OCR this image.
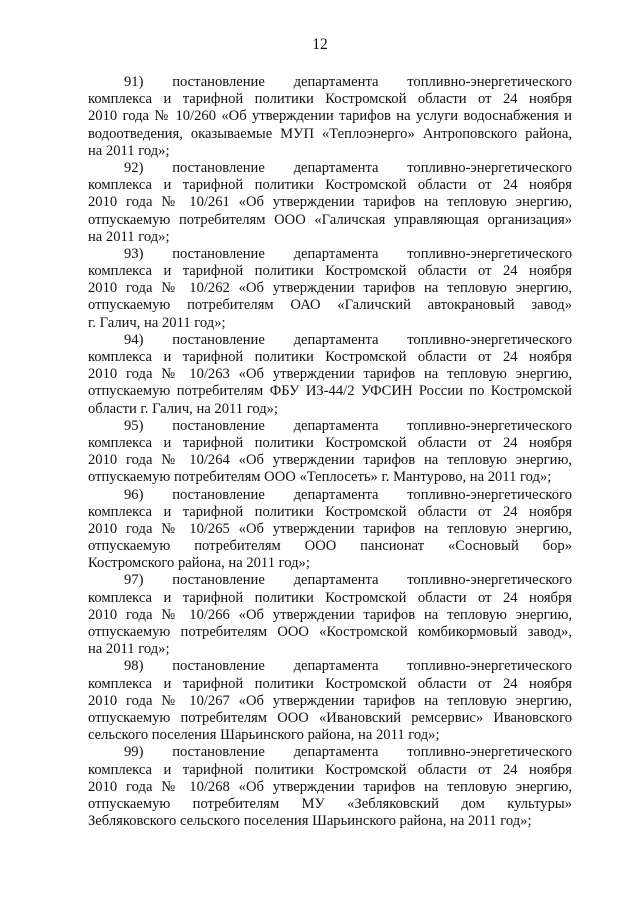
12
91) постановление департамента топливно-энергетического
комплекса и тарифной политики Костромской области от 24 ноября
2010 года № 10/260 «Об утверждении тарифов на услуги водоснабжения и
водоотведения, оказываемые МУП «Теплоэнерго» Антроповского района,
на 2011 год»;
92) постановление департамента топливно-энергетического
комплекса и тарифной политики Костромской области от 24 ноября
2010 года № 10/261 «Об утверждении тарифов на тепловую энергию,
отпускаемую потребителям ООО «Галичская управляющая организация»
на 2011 год»;
93) постановление департамента топливно-энергетического
комплекса и тарифной политики Костромской области от 24 ноября
2010 года № 10/262 «Об утверждении тарифов на тепловую энергию,
отпускаемую потребителям ОАО «Галичский автокрановый завод»
г. Галич, на 2011 год»;
94) постановление департамента топливно-энергетического
комплекса и тарифной политики Костромской области от 24 ноября
2010 года № 10/263 «Об утверждении тарифов на тепловую энергию,
отпускаемую потребителям ФБУ ИЗ-44/2 УФСИН России по Костромской
области г. Галич, на 2011 год»;
95) постановление департамента топливно-энергетического
комплекса и тарифной политики Костромской области от 24 ноября
2010 года № 10/264 «Об утверждении тарифов на тепловую энергию,
отпускаемую потребителям ООО «Теплосеть» г. Мантурово, на 2011 год»;
96) постановление департамента топливно-энергетического
комплекса и тарифной политики Костромской области от 24 ноября
2010 года № 10/265 «Об утверждении тарифов на тепловую энергию,
отпускаемую потребителям ООО пансионат «Сосновый бор»
Костромского района, на 2011 год»;
97) постановление департамента топливно-энергетического
комплекса и тарифной политики Костромской области от 24 ноября
2010 года № 10/266 «Об утверждении тарифов на тепловую энергию,
отпускаемую потребителям ООО «Костромской комбикормовый завод»,
на 2011 год»;
98) постановление департамента топливно-энергетического
комплекса и тарифной политики Костромской области от 24 ноября
2010 года № 10/267 «Об утверждении тарифов на тепловую энергию,
отпускаемую потребителям ООО «Ивановский ремсервис» Ивановского
сельского поселения Шарьинского района, на 2011 год»;
99) постановление департамента топливно-энергетического
комплекса и тарифной политики Костромской области от 24 ноября
2010 года № 10/268 «Об утверждении тарифов на тепловую энергию,
отпускаемую потребителям МУ «Зебляковский дом культуры»
Зебляковского сельского поселения Шарьинского района, на 2011 год»;
